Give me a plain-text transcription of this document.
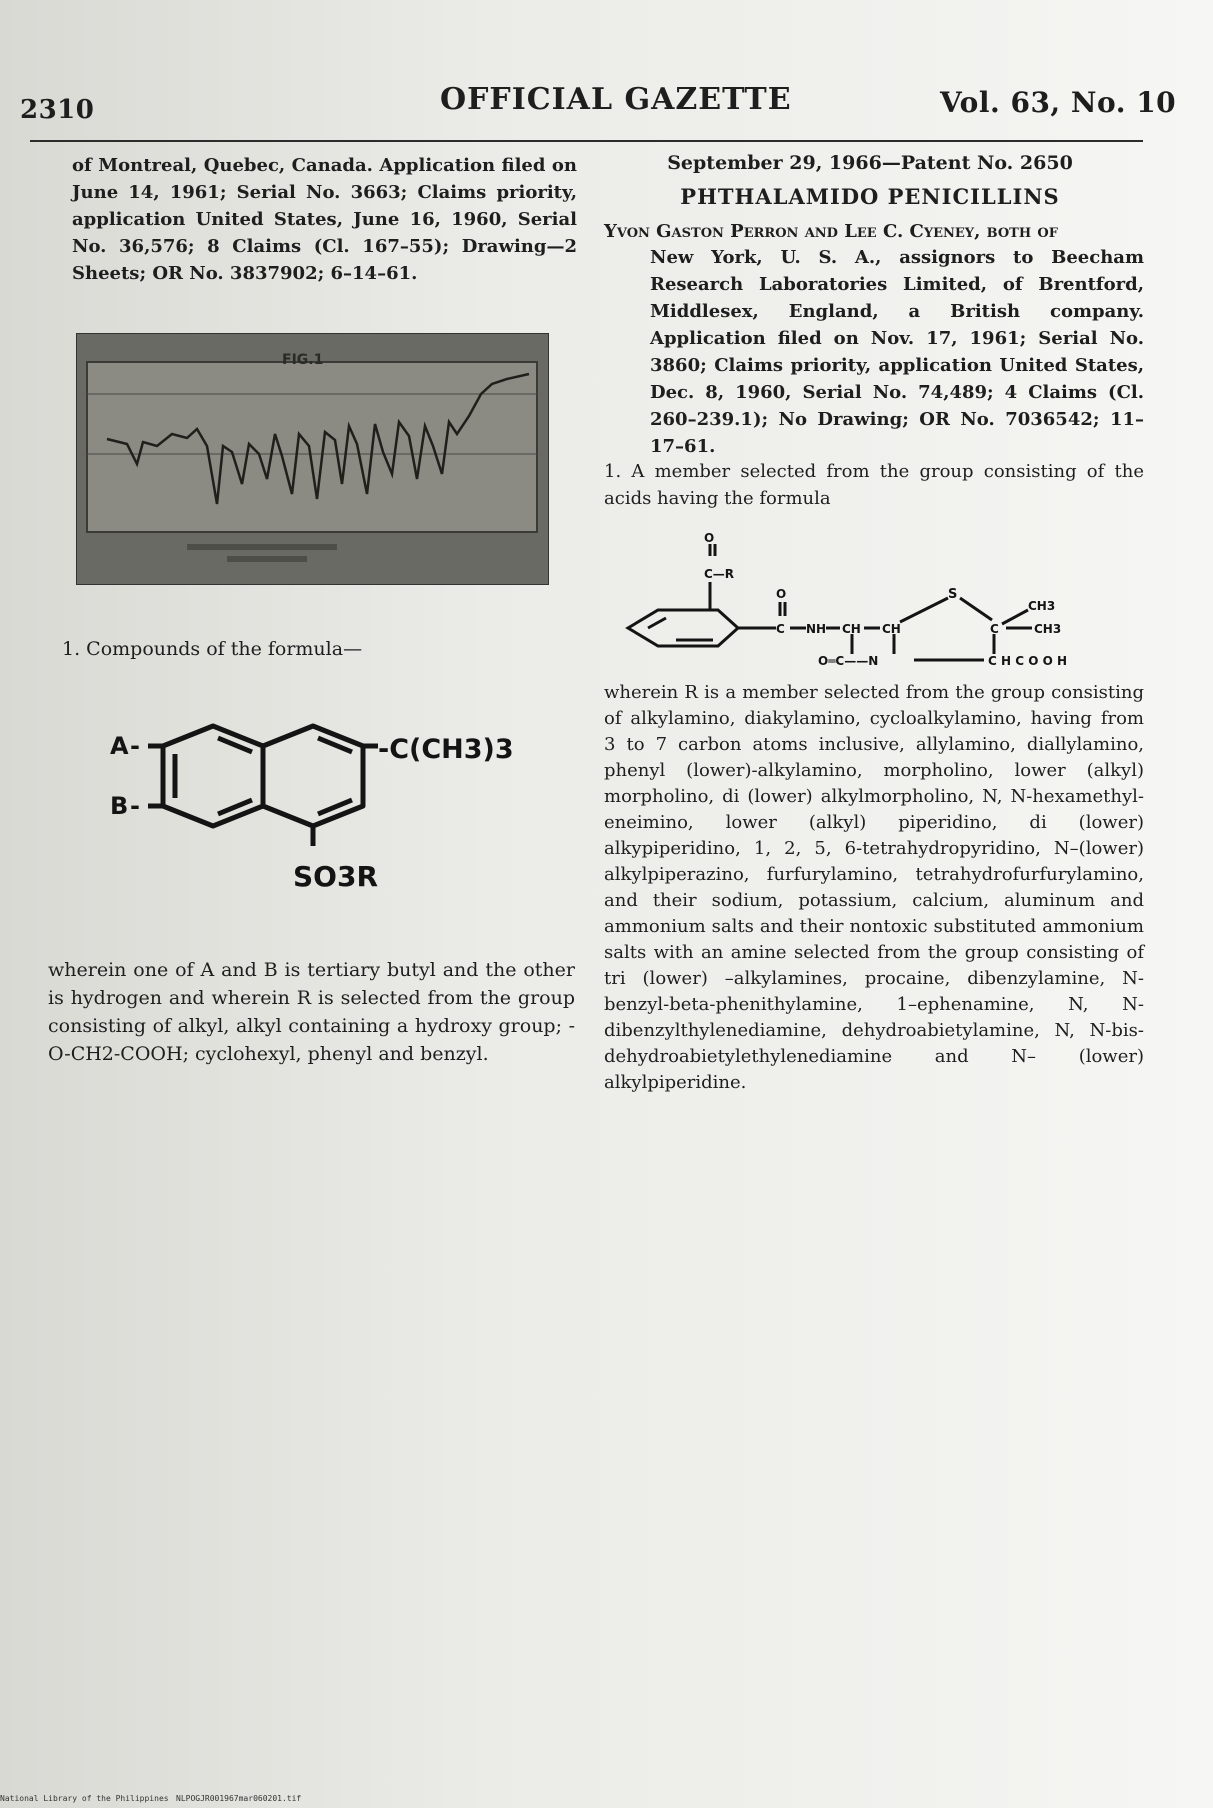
2310	OFFICIAL GAZETTE	Vol. 63, No. 10
of Montreal, Quebec, Canada. Application filed on June 14, 1961; Serial No. 3663; Claims priority, application United States, June 16, 1960, Serial No. 36,576; 8 Claims (Cl. 167–55); Drawing—2 Sheets; OR No. 3837902; 6–14–61.
FIG.1
1. Compounds of the formula—
A -
B -
-C(CH3)3
SO3R
wherein one of A and B is tertiary butyl and the other is hydrogen and wherein R is selected from the group consisting of alkyl, alkyl containing a hydroxy group; -O-CH2-COOH; cyclohexyl, phenyl and benzyl.
September 29, 1966—Patent No. 2650
PHTHALAMIDO PENICILLINS
Yvon Gaston Perron and Lee C. Cyeney, both of
New York, U. S. A., assignors to Beecham Research Laboratories Limited, of Brentford, Middlesex, England, a British company. Application filed on Nov. 17, 1961; Serial No. 3860; Claims priority, application United States, Dec. 8, 1960, Serial No. 74,489; 4 Claims (Cl. 260–239.1); No Drawing; OR No. 7036542; 11–17–61.
1. A member selected from the group consisting of the acids having the formula
O
C—R
O
C NH CH CH
S
CH3
C	CH3
O═C——N	C H C O O H
wherein R is a member selected from the group consisting of alkylamino, diakylamino, cycloalkylamino, having from 3 to 7 carbon atoms inclusive, allylamino, diallylamino, phenyl (lower)-alkylamino, morpholino, lower (alkyl) morpholino, di (lower) alkylmorpholino, N, N-hexamethyl-eneimino, lower (alkyl) piperidino, di (lower) alkypiperidino, 1, 2, 5, 6-tetrahydropyridino, N–(lower) alkylpiperazino, furfurylamino, tetrahydrofurfurylamino, and their sodium, potassium, calcium, aluminum and ammonium salts and their nontoxic substituted ammonium salts with an amine selected from the group consisting of tri (lower) –alkylamines, procaine, dibenzylamine, N-benzyl-beta-phenithylamine, 1–ephenamine, N, N-dibenzylthylenediamine, dehydroabietylamine, N, N-bis-dehydroabietylethylenediamine and N– (lower) alkylpiperidine.
National Library of the Philippines NLPOGJR001967mar060201.tif
